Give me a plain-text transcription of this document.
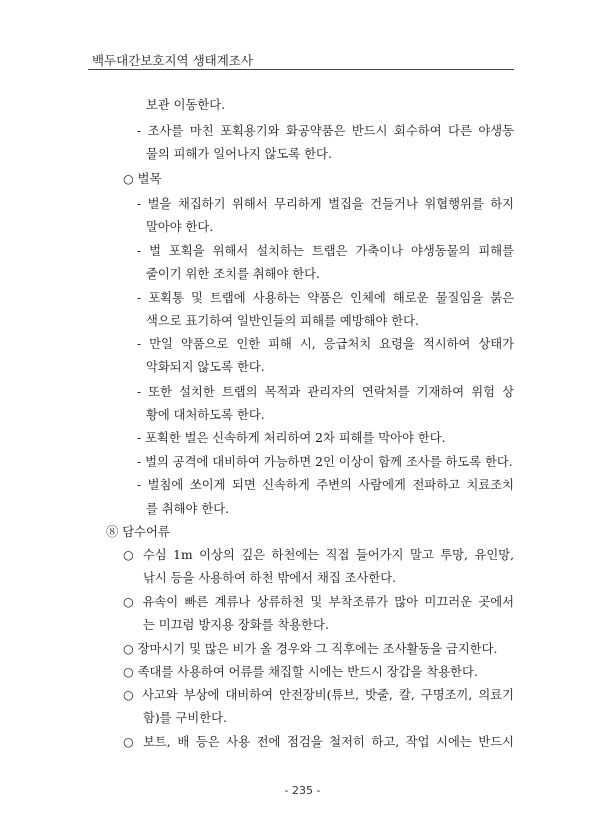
백두대간보호지역 생태계조사
보관 이동한다.
- 조사를 마친 포획용기와 화공약품은 반드시 회수하여 다른 야생동
물의 피해가 일어나지 않도록 한다.
○ 벌목
- 벌을 채집하기 위해서 무리하게 벌집을 건들거나 위협행위를 하지
말아야 한다.
- 벌 포획을 위해서 설치하는 트랩은 가축이나 야생동물의 피해를
줄이기 위한 조치를 취해야 한다.
- 포획통 및 트랩에 사용하는 약품은 인체에 해로운 물질임을 붉은
색으로 표기하여 일반인들의 피해를 예방해야 한다.
- 만일 약품으로 인한 피해 시, 응급처치 요령을 적시하여 상태가
악화되지 않도록 한다.
- 또한 설치한 트랩의 목적과 관리자의 연락처를 기재하여 위험 상
황에 대처하도록 한다.
- 포획한 벌은 신속하게 처리하여 2차 피해를 막아야 한다.
- 벌의 공격에 대비하여 가능하면 2인 이상이 함께 조사를 하도록 한다.
- 벌침에 쏘이게 되면 신속하게 주변의 사람에게 전파하고 치료조치
를 취해야 한다.
⑧ 담수어류
○ 수심 1m 이상의 깊은 하천에는 직접 들어가지 말고 투망, 유인망,
낚시 등을 사용하여 하천 밖에서 채집 조사한다.
○ 유속이 빠른 계류나 상류하천 및 부착조류가 많아 미끄러운 곳에서
는 미끄럼 방지용 장화를 착용한다.
○ 장마시기 및 많은 비가 올 경우와 그 직후에는 조사활동을 금지한다.
○ 족대를 사용하여 어류를 채집할 시에는 반드시 장갑을 착용한다.
○ 사고와 부상에 대비하여 안전장비(튜브, 밧줄, 칼, 구명조끼, 의료기
함)를 구비한다.
○ 보트, 배 등은 사용 전에 점검을 철저히 하고, 작업 시에는 반드시
- 235 -
